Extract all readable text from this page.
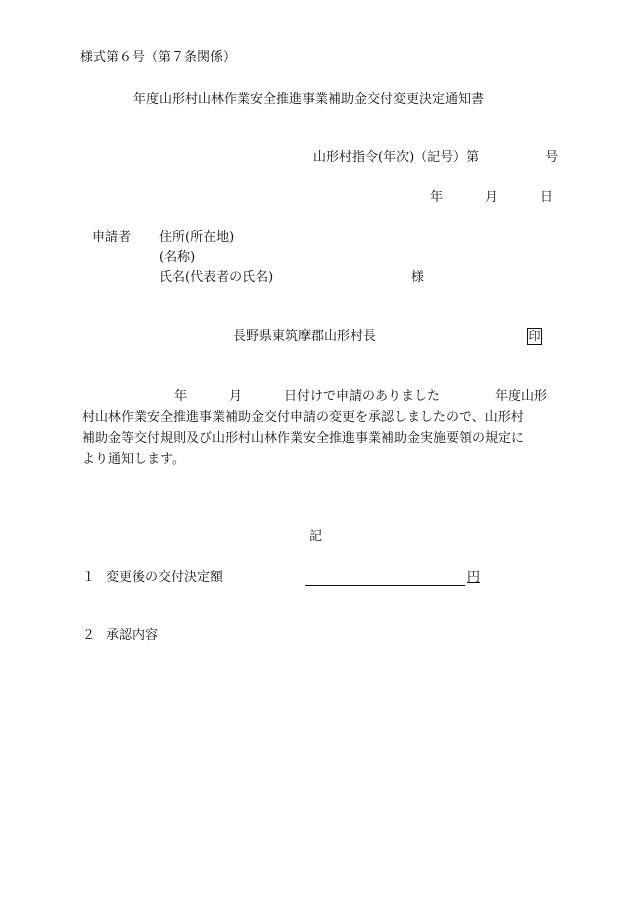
様式第６号（第７条関係）
年度山形村山林作業安全推進事業補助金交付変更決定通知書
山形村指令(年次)（記号）第	号
年	月	日
申請者 住所(所在地)
(名称)
氏名(代表者の氏名)	様
長野県東筑摩郡山形村長	印
年	月	日付けで申請のありました	年度山形
村山林作業安全推進事業補助金交付申請の変更を承認しましたので、山形村
補助金等交付規則及び山形村山林作業安全推進事業補助金実施要領の規定に
より通知します。
記
１ 変更後の交付決定額	円
２ 承認内容
